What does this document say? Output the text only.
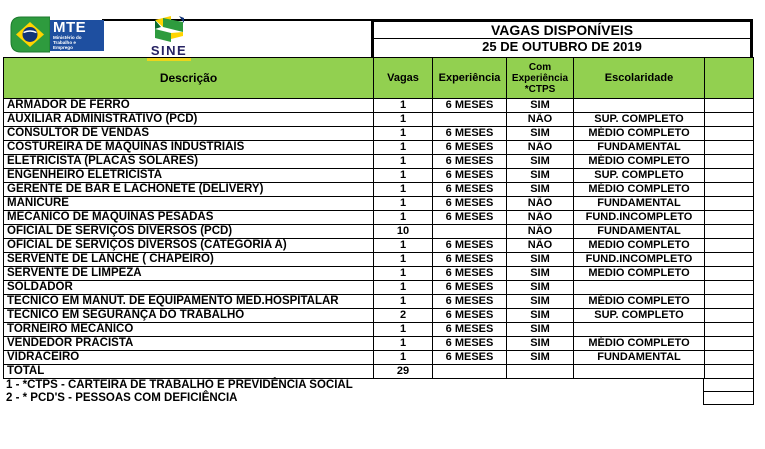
MTE
Ministério do Trabalho e Emprego	SINE
VAGAS DISPONÍVEIS
25 DE OUTUBRO DE 2019
Descrição	Vagas	Experiência	Com Experiência *CTPS	Escolaridade	
ARMADOR DE FERRO	1	6 MESES	SIM		
AUXILIAR ADMINISTRATIVO (PCD)	1		NÃO	SUP. COMPLETO	
CONSULTOR DE VENDAS	1	6 MESES	SIM	MÉDIO COMPLETO	
COSTUREIRA DE MÁQUINAS INDUSTRIAIS	1	6 MESES	NÃO	FUNDAMENTAL	
ELETRICISTA (PLACAS SOLARES)	1	6 MESES	SIM	MÉDIO COMPLETO	
ENGENHEIRO ELETRICISTA	1	6 MESES	SIM	SUP. COMPLETO	
GERENTE DE BAR E LACHONETE (DELIVERY)	1	6 MESES	SIM	MÉDIO COMPLETO	
MANICURE	1	6 MESES	NÃO	FUNDAMENTAL	
MECÂNICO DE MÁQUINAS PESADAS	1	6 MESES	NÃO	FUND.INCOMPLETO	
OFICIAL DE SERVIÇOS DIVERSOS (PCD)	10		NÃO	FUNDAMENTAL	
OFICIAL DE SERVIÇOS DIVERSOS (CATEGORIA A)	1	6 MESES	NÃO	MEDIO COMPLETO	
SERVENTE DE LANCHE ( CHAPEIRO)	1	6 MESES	SIM	FUND.INCOMPLETO	
SERVENTE DE LIMPEZA	1	6 MESES	SIM	MEDIO COMPLETO	
SOLDADOR	1	6 MESES	SIM		
TÉCNICO EM MANUT. DE EQUIPAMENTO MED.HOSPITALAR	1	6 MESES	SIM	MÉDIO COMPLETO	
TÉCNICO EM SEGURANÇA DO TRABALHO	2	6 MESES	SIM	SUP. COMPLETO	
TORNEIRO MECÂNICO	1	6 MESES	SIM		
VENDEDOR PRACISTA	1	6 MESES	SIM	MÉDIO COMPLETO	
VIDRACEIRO	1	6 MESES	SIM	FUNDAMENTAL	
TOTAL	29				
1 - *CTPS - CARTEIRA DE TRABALHO E PREVIDÊNCIA SOCIAL
2 - * PCD'S - PESSOAS COM DEFICIÊNCIA
